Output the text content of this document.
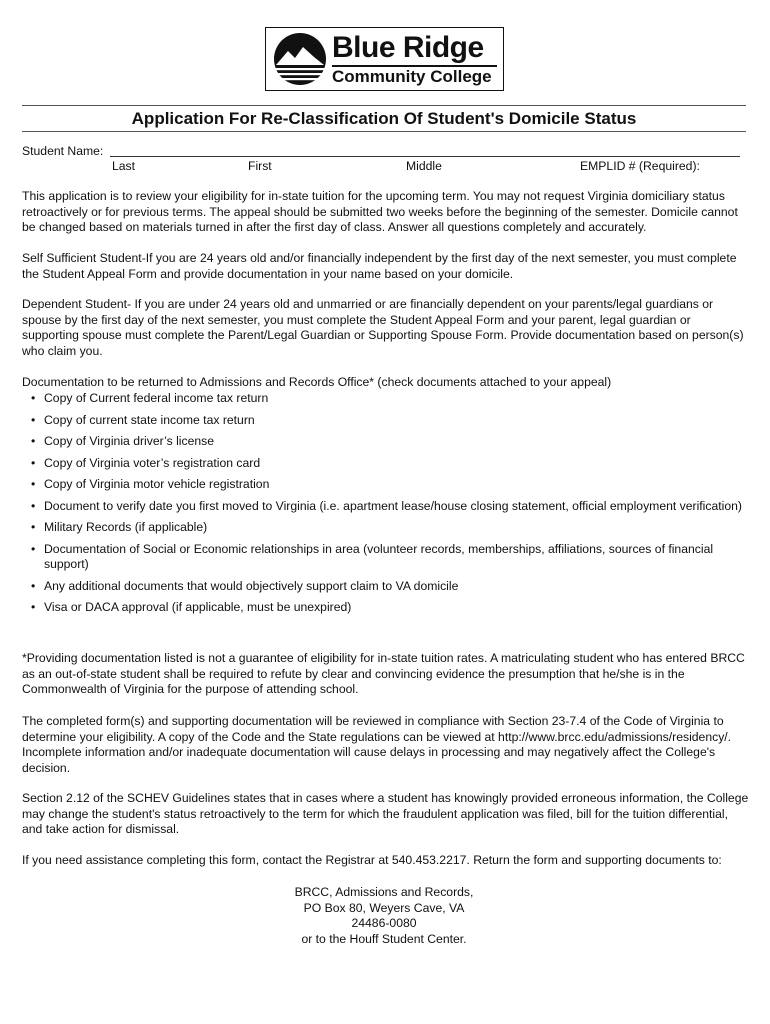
Blue Ridge
Community College
Application For Re-Classification Of Student's Domicile Status
Student Name:
Last	First	Middle	EMPLID # (Required):

This application is to review your eligibility for in-state tuition for the upcoming term. You may not request Virginia domiciliary status retroactively or for previous terms. The appeal should be submitted two weeks before the beginning of the semester. Domicile cannot be changed based on materials turned in after the first day of class. Answer all questions completely and accurately.

Self Sufficient Student-If you are 24 years old and/or financially independent by the first day of the next semester, you must complete the Student Appeal Form and provide documentation in your name based on your domicile.

Dependent Student- If you are under 24 years old and unmarried or are financially dependent on your parents/legal guardians or spouse by the first day of the next semester, you must complete the Student Appeal Form and your parent, legal guardian or supporting spouse must complete the Parent/Legal Guardian or Supporting Spouse Form. Provide documentation based on person(s) who claim you.

Documentation to be returned to Admissions and Records Office* (check documents attached to your appeal)

• Copy of Current federal income tax return
• Copy of current state income tax return
• Copy of Virginia driver’s license
• Copy of Virginia voter’s registration card
• Copy of Virginia motor vehicle registration
• Document to verify date you first moved to Virginia (i.e. apartment lease/house closing statement, official employment verification)
• Military Records (if applicable)
• Documentation of Social or Economic relationships in area (volunteer records, memberships, affiliations, sources of financial support)
• Any additional documents that would objectively support claim to VA domicile
• Visa or DACA approval (if applicable, must be unexpired)

*Providing documentation listed is not a guarantee of eligibility for in-state tuition rates. A matriculating student who has entered BRCC as an out-of-state student shall be required to refute by clear and convincing evidence the presumption that he/she is in the Commonwealth of Virginia for the purpose of attending school.

The completed form(s) and supporting documentation will be reviewed in compliance with Section 23-7.4 of the Code of Virginia to determine your eligibility. A copy of the Code and the State regulations can be viewed at http://www.brcc.edu/admissions/residency/. Incomplete information and/or inadequate documentation will cause delays in processing and may negatively affect the College's decision.

Section 2.12 of the SCHEV Guidelines states that in cases where a student has knowingly provided erroneous information, the College may change the student's status retroactively to the term for which the fraudulent application was filed, bill for the tuition differential, and take action for dismissal.

If you need assistance completing this form, contact the Registrar at 540.453.2217. Return the form and supporting documents to:

BRCC, Admissions and Records,
PO Box 80, Weyers Cave, VA
24486-0080
or to the Houff Student Center.
